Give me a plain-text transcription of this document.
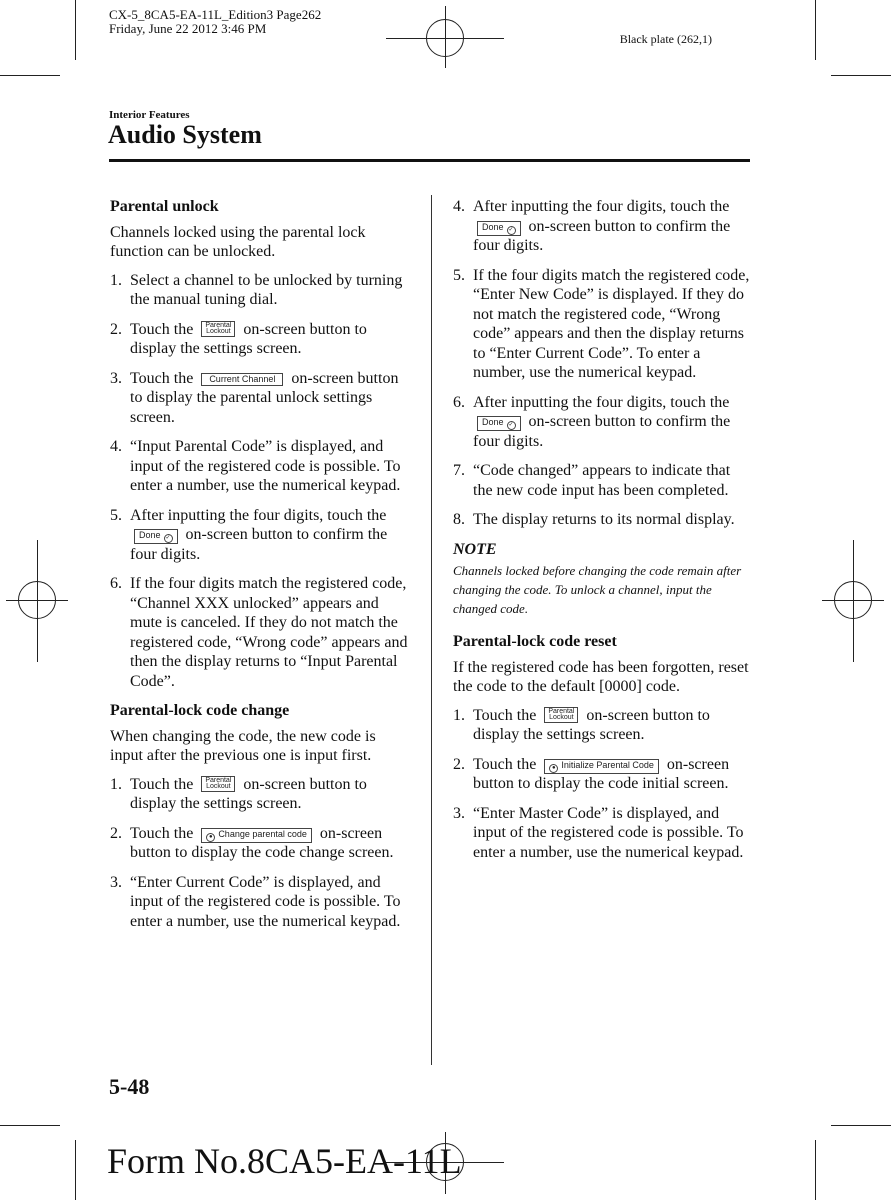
CX-5_8CA5-EA-11L_Edition3 Page262
Friday, June 22 2012 3:46 PM
Black plate (262,1)
Interior Features
Audio System
Parental unlock

Channels locked using the parental lock function can be unlocked.

1. Select a channel to be unlocked by turning the manual tuning dial.
2. Touch the Parental
Lockout on-screen button to display the settings screen.
3. Touch the Current Channel on-screen button to display the parental unlock settings screen.
4. “Input Parental Code” is displayed, and input of the registered code is possible. To enter a number, use the numerical keypad.
5. After inputting the four digits, touch the Done ✓ on-screen button to confirm the four digits.
6. If the four digits match the registered code, “Channel XXX unlocked” appears and mute is canceled. If they do not match the registered code, “Wrong code” appears and then the display returns to “Input Parental Code”.
Parental-lock code change

When changing the code, the new code is input after the previous one is input first.

1. Touch the Parental
Lockout on-screen button to display the settings screen.
2. Touch the	● Change parental code on-screen button to display the code change screen.
3. “Enter Current Code” is displayed, and input of the registered code is possible. To enter a number, use the numerical keypad.
4. After inputting the four digits, touch the Done ✓ on-screen button to confirm the four digits.
5. If the four digits match the registered code, “Enter New Code” is displayed. If they do not match the registered code, “Wrong code” appears and then the display returns to “Enter Current Code”. To enter a number, use the numerical keypad.
6. After inputting the four digits, touch the Done ✓ on-screen button to confirm the four digits.
7. “Code changed” appears to indicate that the new code input has been completed.
8. The display returns to its normal display.
NOTE

Channels locked before changing the code remain after changing the code. To unlock a channel, input the changed code.

Parental-lock code reset

If the registered code has been forgotten, reset the code to the default [0000] code.

1. Touch the Parental
Lockout on-screen button to display the settings screen.
2. Touch the	● Initialize Parental Code on-screen button to display the code initial screen.
3. “Enter Master Code” is displayed, and input of the registered code is possible. To enter a number, use the numerical keypad.
5-48
Form No.8CA5-EA-11L
